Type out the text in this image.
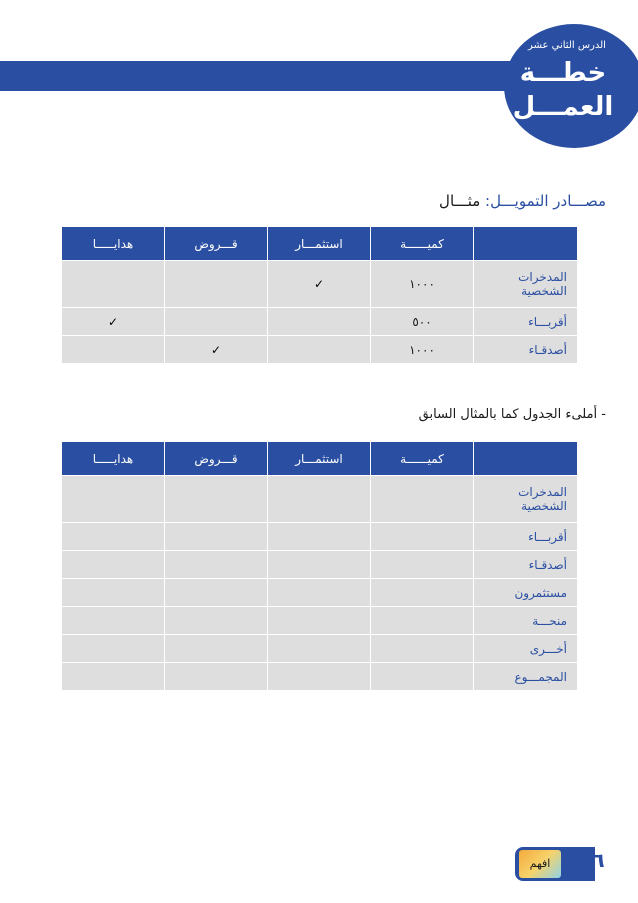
الدرس الثاني عشر
خطـــة
العمـــل
مصـــادر التمويـــل: مثـــال
	كميــــــة	استثمـــار	قـــروض	هدايـــــا
المدخرات الشخصية	١٠٠٠	✓		
أقربـــاء	٥٠٠			✓
أصدقـاء	١٠٠٠		✓	
- أملىء الجدول كما بالمثال السابق
	كميــــــة	استثمـــار	قـــروض	هدايـــــا
المدخرات الشخصية				
أقربـــاء				
أصدقـاء				
مستثمرون				
منحـــة				
أخـــرى				
المجمـــوع				
افهم ١٤٦
